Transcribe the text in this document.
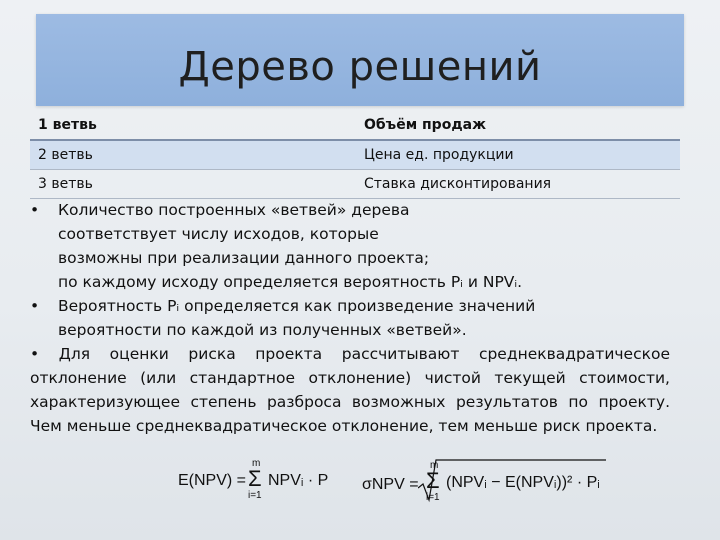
Дерево решений
1 ветвь	Объём продаж
2 ветвь	Цена ед. продукции
3 ветвь	Ставка дисконтирования
• Количество построенных «ветвей» дерева
соответствует числу исходов, которые
возможны при реализации данного проекта;
по каждому исходу определяется вероятность Pᵢ и NPVᵢ.
• Вероятность Pᵢ определяется как произведение значений
вероятности по каждой из полученных «ветвей».
• Для оценки риска проекта рассчитывают среднеквадратическое отклонение (или стандартное отклонение) чистой текущей стоимости, характеризующее степень разброса возможных результатов по проекту. Чем меньше среднеквадратическое отклонение, тем меньше риск проекта.
E(NPV) =
m
Σ
i=1
NPVᵢ · P σNPV =
m
Σ
i=1
(NPVᵢ − E(NPVᵢ))² · Pᵢ
